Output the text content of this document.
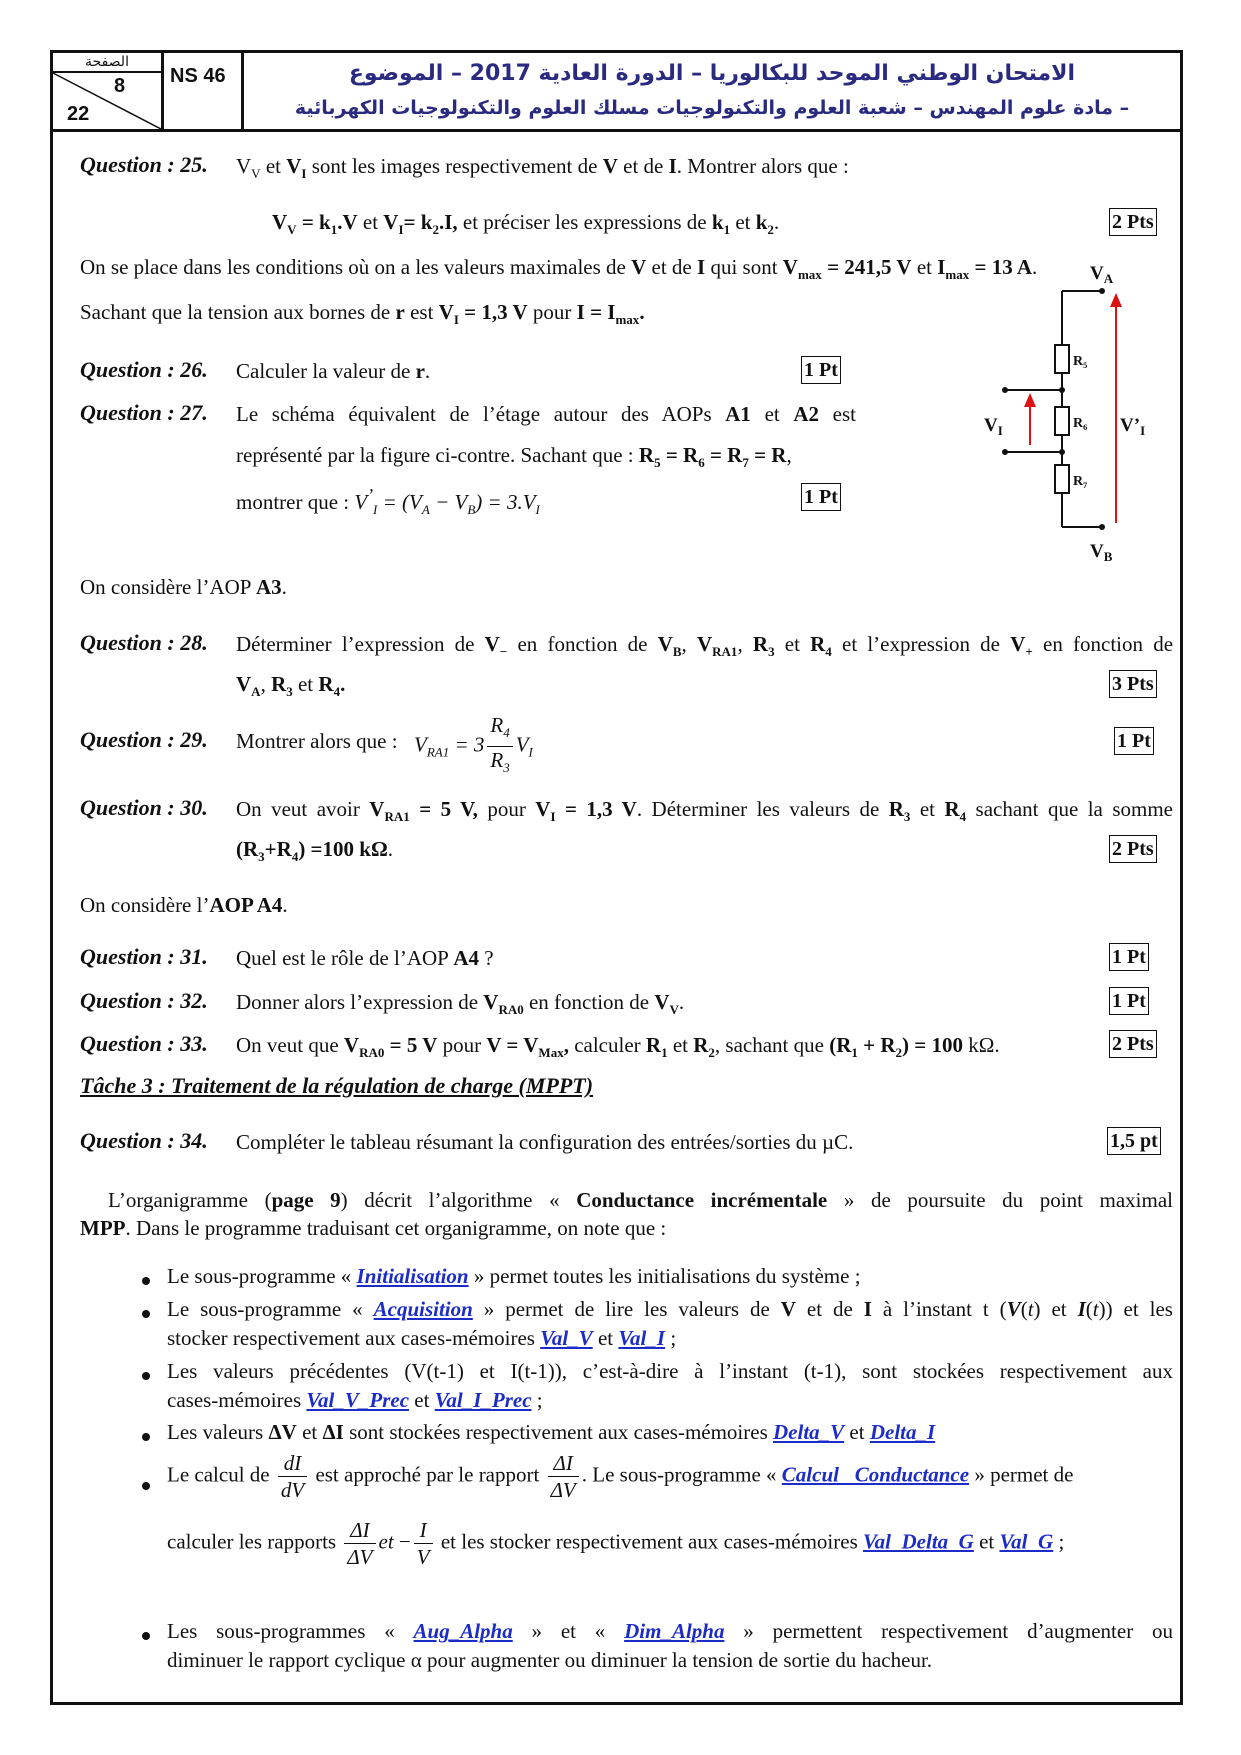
الصفحة
8
22
NS 46	الامتحان الوطني الموحد للبكالوريا – الدورة العادية 2017 – الموضوع
– مادة علوم المهندس – شعبة العلوم والتكنولوجيات مسلك العلوم والتكنولوجيات الكهربائية
Question : 25. $V_V$ et $V_I$ sont les images respectivement de V et de I. Montrer alors que :
$V_V = k_1.V$ et $V_I= k_2.I$, et préciser les expressions de $k_1$ et $k_2$.	2 Pts
On se place dans les conditions où on a les valeurs maximales de V et de I qui sont $V_{max} = 241,5$ V et $I_{max} = 13$ A.
Sachant que la tension aux bornes de r est $V_I = 1,3$ V pour $I = I_{max}$.
Question : 26. Calculer la valeur de r.	1 Pt
Question : 27. Le schéma équivalent de l’étage autour des AOPs A1 et A2 est
représenté par la figure ci-contre. Sachant que : $R_5 = R_6 = R_7 = R$,
montrer que : $V^’_I = (V_A - V_B) = 3.V_I$
1 Pt
$V_A$
$V_B$
R₅
R₆
R₇
$V_I$	$V’_I$
On considère l’AOP A3.
Question : 28. Déterminer l’expression de $V_-$ en fonction de $V_B$, $V_{RA1}$, $R_3$ et $R_4$ et l’expression de $V_+$ en fonction de
$V_A$, $R_3$ et $R_4$.	3 Pts
Question : 29. Montrer alors que : $V_{RA1} = 3 \frac{R_4}{R_3} V_I$
1 Pt
Question : 30. On veut avoir $V_{RA1} = 5$ V, pour $V_I = 1,3$ V. Déterminer les valeurs de $R_3$ et $R_4$ sachant que la somme
$(R_3+R_4) =100$ kΩ.	2 Pts
On considère l’AOP A4.
Question : 31. Quel est le rôle de l’AOP A4 ?	1 Pt
Question : 32. Donner alors l’expression de $V_{RA0}$ en fonction de $V_V$.	1 Pt
Question : 33. On veut que $V_{RA0} = 5$ V pour $V = V_{Max}$, calculer $R_1$ et $R_2$, sachant que $(R_1 + R_2) = 100$ kΩ.	2 Pts
Tâche 3 : Traitement de la régulation de charge (MPPT)
Question : 34. Compléter le tableau résumant la configuration des entrées/sorties du µC.	1,5 pt
L’organigramme (page 9) décrit l’algorithme « Conductance incrémentale » de poursuite du point maximal
MPP. Dans le programme traduisant cet organigramme, on note que :
Le sous-programme « Initialisation » permet toutes les initialisations du système ;
Le sous-programme « Acquisition » permet de lire les valeurs de V et de I à l’instant t (V(t) et I(t)) et les
stocker respectivement aux cases-mémoires Val_V et Val_I ;
Les valeurs précédentes (V(t-1) et I(t-1)), c’est-à-dire à l’instant (t-1), sont stockées respectivement aux
cases-mémoires Val_V_Prec et Val_I_Prec ;
Les valeurs ΔV et ΔI sont stockées respectivement aux cases-mémoires Delta_V et Delta_I
Le calcul de $\frac{dI}{dV}$ est approché par le rapport $\frac{\Delta I}{\Delta V}$ . Le sous-programme « Calcul _Conductance » permet de
calculer les rapports $\frac{\Delta I}{\Delta V}$ et − $\frac{I}{V}$ et les stocker respectivement aux cases-mémoires Val_Delta_G et Val_G ;
Les sous-programmes « Aug_Alpha » et « Dim_Alpha » permettent respectivement d’augmenter ou
diminuer le rapport cyclique α pour augmenter ou diminuer la tension de sortie du hacheur.
